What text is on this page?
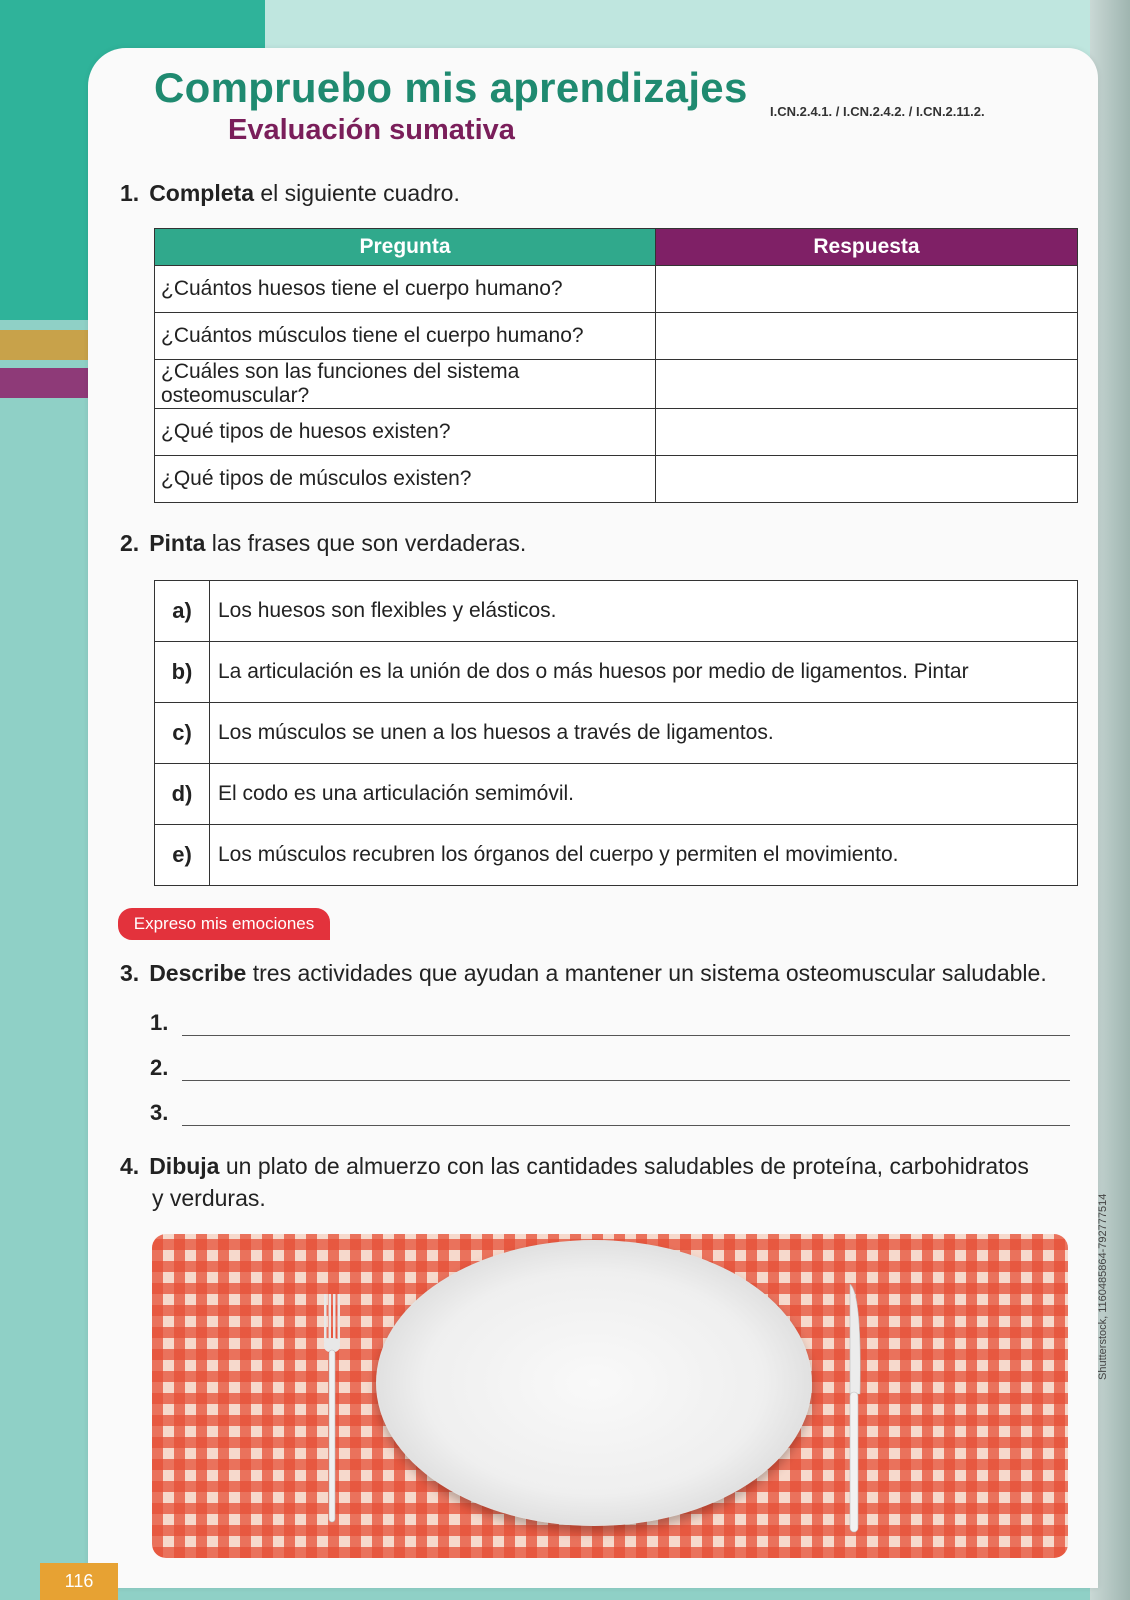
Compruebo mis aprendizajes
Evaluación sumativa
I.CN.2.4.1. / I.CN.2.4.2. / I.CN.2.11.2.
1. Completa el siguiente cuadro.
Pregunta	Respuesta
¿Cuántos huesos tiene el cuerpo humano?	
¿Cuántos músculos tiene el cuerpo humano?	
¿Cuáles son las funciones del sistema osteomuscular?	
¿Qué tipos de huesos existen?	
¿Qué tipos de músculos existen?	
2. Pinta las frases que son verdaderas.
a)	Los huesos son flexibles y elásticos.
b)	La articulación es la unión de dos o más huesos por medio de ligamentos. Pintar
c)	Los músculos se unen a los huesos a través de ligamentos.
d)	El codo es una articulación semimóvil.
e)	Los músculos recubren los órganos del cuerpo y permiten el movimiento.
Expreso mis emociones
3. Describe tres actividades que ayudan a mantener un sistema osteomuscular saludable.
1.
2.
3.
4. Dibuja un plato de almuerzo con las cantidades saludables de proteína, carbohidratos
y verduras.	Shutterstock, 1160485864-792777514
116
